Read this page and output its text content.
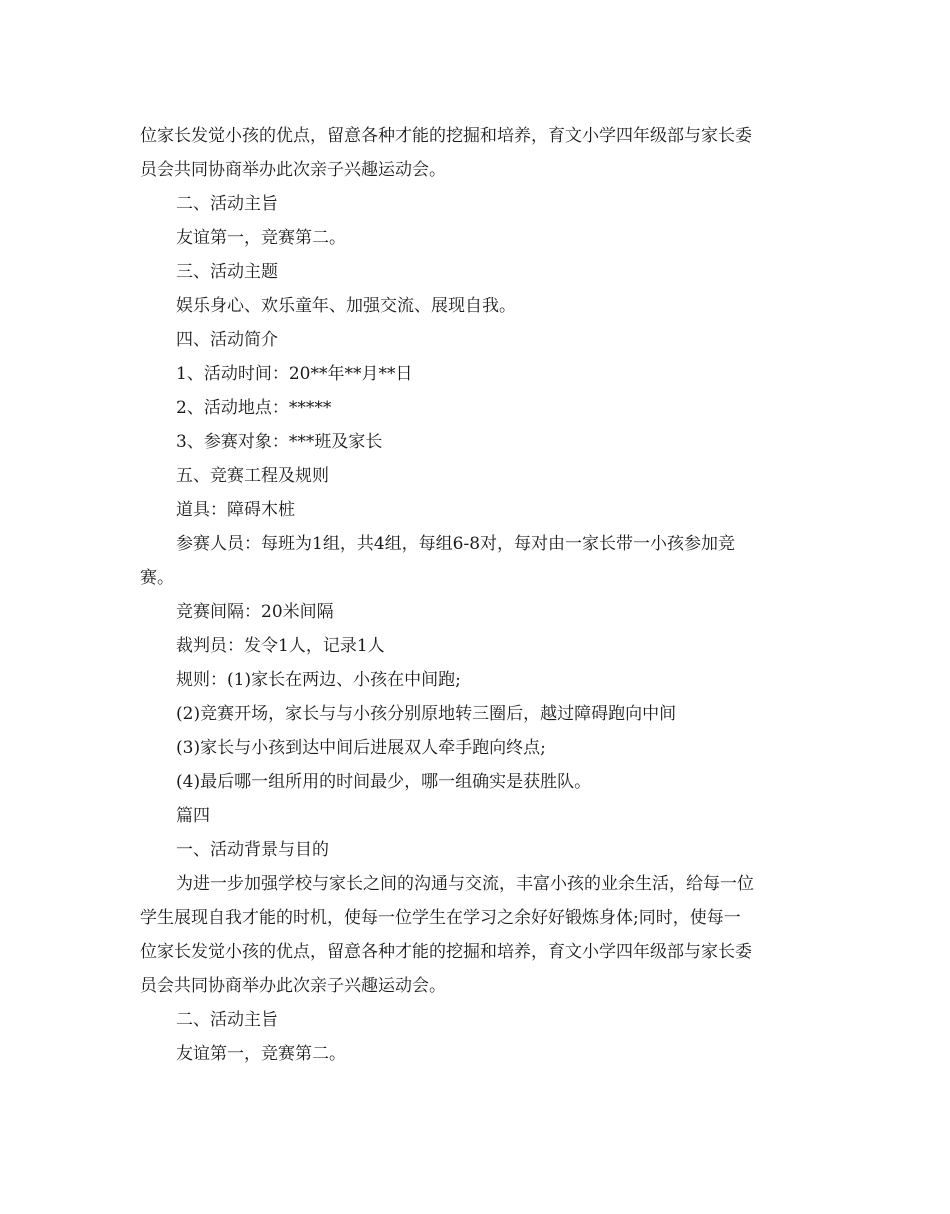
位家长发觉小孩的优点，留意各种才能的挖掘和培养，育文小学四年级部与家长委
员会共同协商举办此次亲子兴趣运动会。
二、活动主旨
友谊第一，竞赛第二。
三、活动主题
娱乐身心、欢乐童年、加强交流、展现自我。
四、活动简介
1、活动时间：20**年**月**日
2、活动地点：*****
3、参赛对象：***班及家长
五、竞赛工程及规则
道具：障碍木桩
参赛人员：每班为1组，共4组，每组6-8对，每对由一家长带一小孩参加竞
赛。
竞赛间隔：20米间隔
裁判员：发令1人，记录1人
规则：(1)家长在两边、小孩在中间跑;
(2)竞赛开场，家长与与小孩分别原地转三圈后，越过障碍跑向中间
(3)家长与小孩到达中间后进展双人牵手跑向终点;
(4)最后哪一组所用的时间最少，哪一组确实是获胜队。
篇四
一、活动背景与目的
为进一步加强学校与家长之间的沟通与交流，丰富小孩的业余生活，给每一位
学生展现自我才能的时机，使每一位学生在学习之余好好锻炼身体;同时，使每一
位家长发觉小孩的优点，留意各种才能的挖掘和培养，育文小学四年级部与家长委
员会共同协商举办此次亲子兴趣运动会。
二、活动主旨
友谊第一，竞赛第二。
